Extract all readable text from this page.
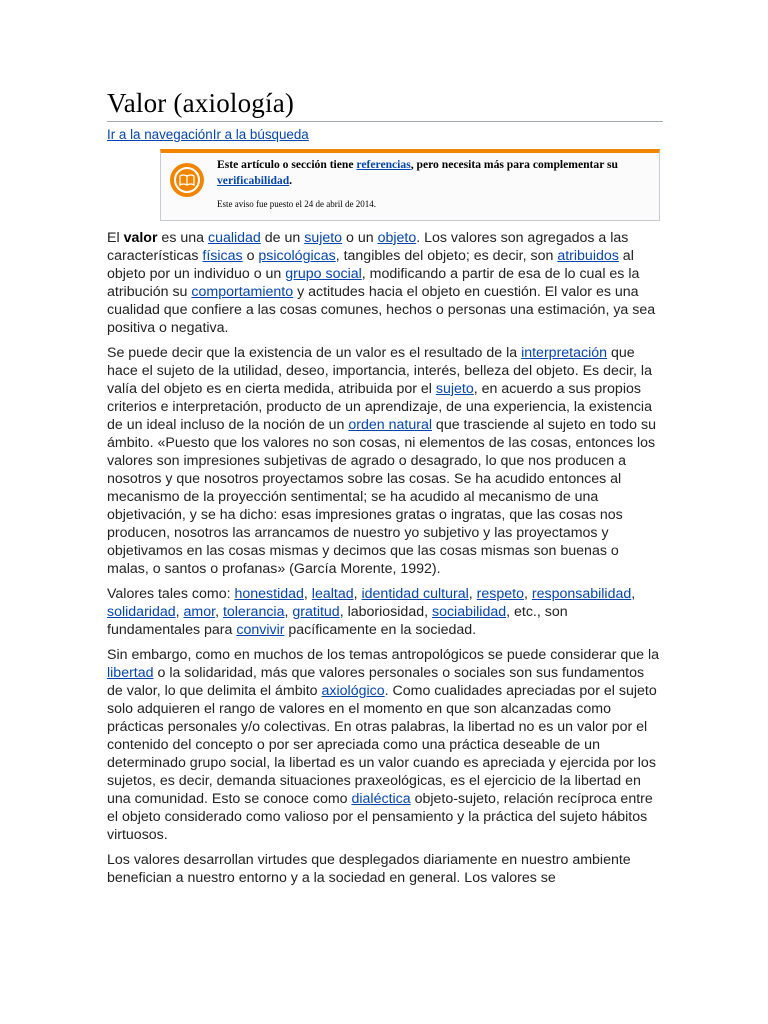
Valor (axiología)
Ir a la navegaciónIr a la búsqueda
Este artículo o sección tiene referencias, pero necesita más para complementar su verificabilidad.
Este aviso fue puesto el 24 de abril de 2014.

El valor es una cualidad de un sujeto o un objeto. Los valores son agregados a las características físicas o psicológicas, tangibles del objeto; es decir, son atribuidos al objeto por un individuo o un grupo social, modificando a partir de esa de lo cual es la atribución su comportamiento y actitudes hacia el objeto en cuestión. El valor es una cualidad que confiere a las cosas comunes, hechos o personas una estimación, ya sea positiva o negativa.

Se puede decir que la existencia de un valor es el resultado de la interpretación que hace el sujeto de la utilidad, deseo, importancia, interés, belleza del objeto. Es decir, la valía del objeto es en cierta medida, atribuida por el sujeto, en acuerdo a sus propios criterios e interpretación, producto de un aprendizaje, de una experiencia, la existencia de un ideal incluso de la noción de un orden natural que trasciende al sujeto en todo su ámbito. «Puesto que los valores no son cosas, ni elementos de las cosas, entonces los valores son impresiones subjetivas de agrado o desagrado, lo que nos producen a nosotros y que nosotros proyectamos sobre las cosas. Se ha acudido entonces al mecanismo de la proyección sentimental; se ha acudido al mecanismo de una objetivación, y se ha dicho: esas impresiones gratas o ingratas, que las cosas nos producen, nosotros las arrancamos de nuestro yo subjetivo y las proyectamos y objetivamos en las cosas mismas y decimos que las cosas mismas son buenas o malas, o santos o profanas» (García Morente, 1992).

Valores tales como: honestidad, lealtad, identidad cultural, respeto, responsabilidad, solidaridad, amor, tolerancia, gratitud, laboriosidad, sociabilidad, etc., son fundamentales para convivir pacíficamente en la sociedad.

Sin embargo, como en muchos de los temas antropológicos se puede considerar que la libertad o la solidaridad, más que valores personales o sociales son sus fundamentos de valor, lo que delimita el ámbito axiológico. Como cualidades apreciadas por el sujeto solo adquieren el rango de valores en el momento en que son alcanzadas como prácticas personales y/o colectivas. En otras palabras, la libertad no es un valor por el contenido del concepto o por ser apreciada como una práctica deseable de un determinado grupo social, la libertad es un valor cuando es apreciada y ejercida por los sujetos, es decir, demanda situaciones praxeológicas, es el ejercicio de la libertad en una comunidad. Esto se conoce como dialéctica objeto-sujeto, relación recíproca entre el objeto considerado como valioso por el pensamiento y la práctica del sujeto hábitos virtuosos.

Los valores desarrollan virtudes que desplegados diariamente en nuestro ambiente benefician a nuestro entorno y a la sociedad en general. Los valores se
